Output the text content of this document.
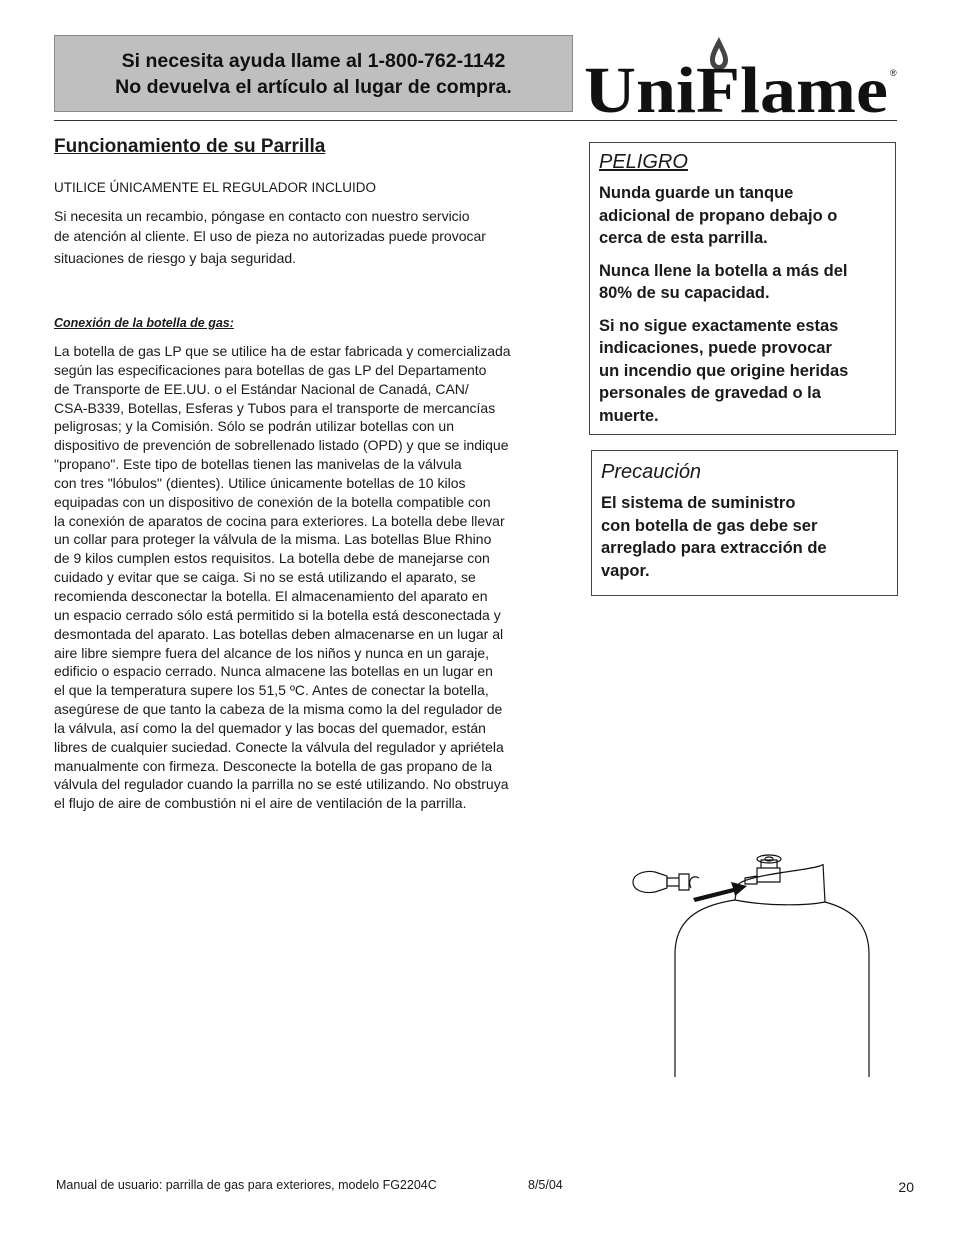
Si necesita ayuda llame al 1-800-762-1142
No devuelva el artículo al lugar de compra. UniFlame ®
Funcionamiento de su Parrilla
UTILICE ÚNICAMENTE EL REGULADOR INCLUIDO
Si necesita un recambio, póngase en contacto con nuestro servicio
de atención al cliente. El uso de pieza no autorizadas puede provocar
situaciones de riesgo y baja seguridad.
Conexión de la botella de gas:
La botella de gas LP que se utilice ha de estar fabricada y comercializada
según las especificaciones para botellas de gas LP del Departamento
de Transporte de EE.UU. o el Estándar Nacional de Canadá, CAN/
CSA-B339, Botellas, Esferas y Tubos para el transporte de mercancías
peligrosas; y la Comisión. Sólo se podrán utilizar botellas con un
dispositivo de prevención de sobrellenado listado (OPD) y que se indique
"propano". Este tipo de botellas tienen las manivelas de la válvula
con tres "lóbulos" (dientes). Utilice únicamente botellas de 10 kilos
equipadas con un dispositivo de conexión de la botella compatible con
la conexión de aparatos de cocina para exteriores. La botella debe llevar
un collar para proteger la válvula de la misma. Las botellas Blue Rhino
de 9 kilos cumplen estos requisitos. La botella debe de manejarse con
cuidado y evitar que se caiga. Si no se está utilizando el aparato, se
recomienda desconectar la botella. El almacenamiento del aparato en
un espacio cerrado sólo está permitido si la botella está desconectada y
desmontada del aparato. Las botellas deben almacenarse en un lugar al
aire libre siempre fuera del alcance de los niños y nunca en un garaje,
edificio o espacio cerrado. Nunca almacene las botellas en un lugar en
el que la temperatura supere los 51,5 ºC. Antes de conectar la botella,
asegúrese de que tanto la cabeza de la misma como la del regulador de
la válvula, así como la del quemador y las bocas del quemador, están
libres de cualquier suciedad. Conecte la válvula del regulador y apriétela
manualmente con firmeza. Desconecte la botella de gas propano de la
válvula del regulador cuando la parrilla no se esté utilizando. No obstruya
el flujo de aire de combustión ni el aire de ventilación de la parrilla.
PELIGRO

Nunda guarde un tanque
adicional de propano debajo o
cerca de esta parrilla.

Nunca llene la botella a más del
80% de su capacidad.

Si no sigue exactamente estas
indicaciones, puede provocar
un incendio que origine heridas
personales de gravedad o la
muerte.

Precaución

El sistema de suministro
con botella de gas debe ser
arreglado para extracción de
vapor.

Manual de usuario: parrilla de gas para exteriores, modelo FG2204C	8/5/04	20
